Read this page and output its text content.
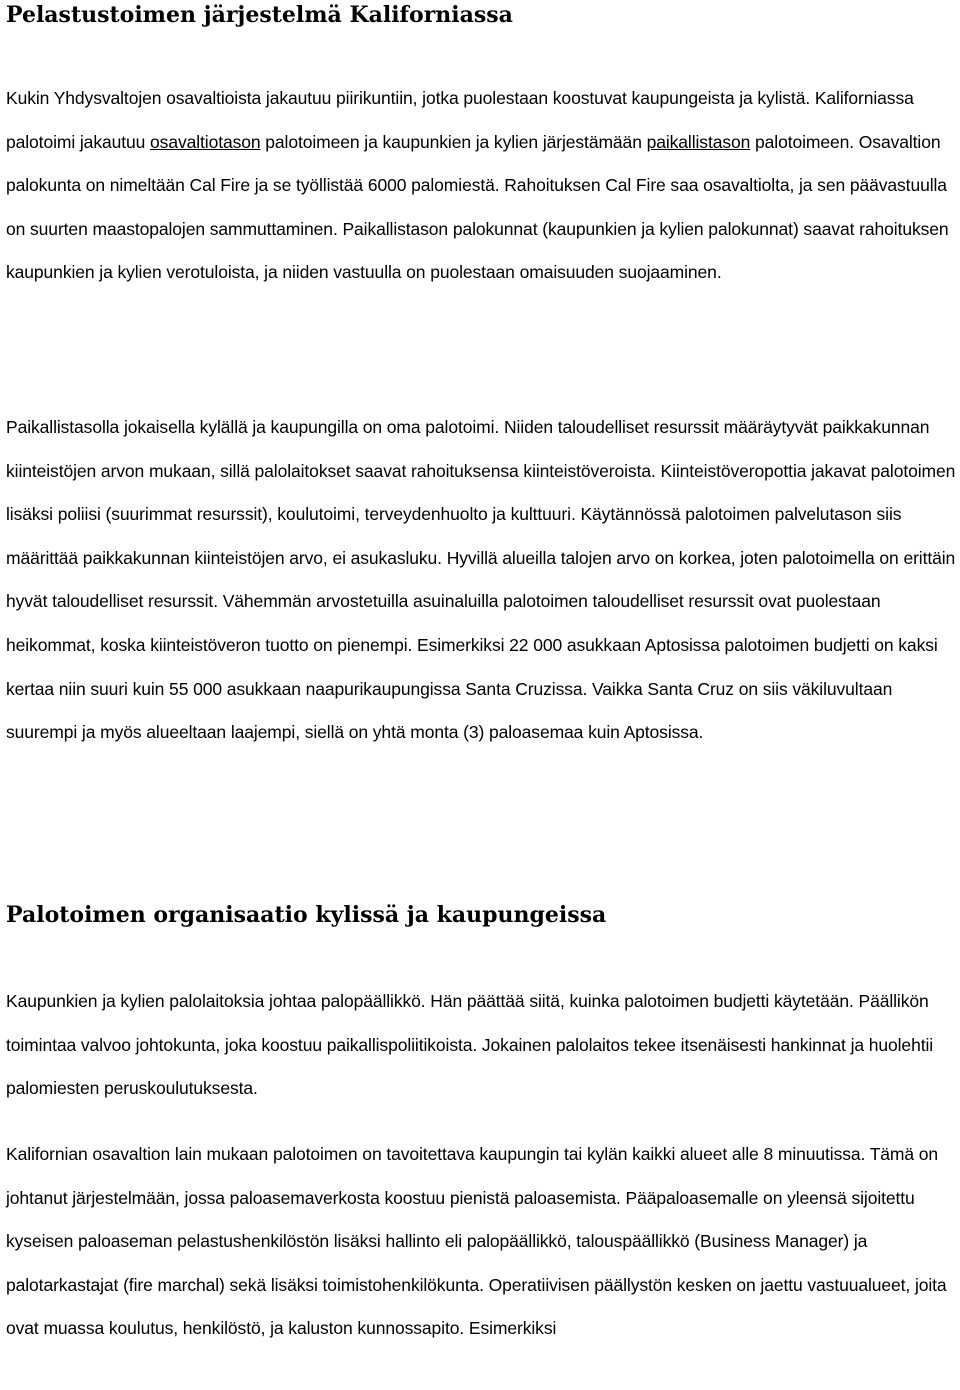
Pelastustoimen järjestelmä Kaliforniassa

Kukin Yhdysvaltojen osavaltioista jakautuu piirikuntiin, jotka puolestaan koostuvat kaupungeista ja kylistä. Kaliforniassa palotoimi jakautuu osavaltiotason palotoimeen ja kaupunkien ja kylien järjestämään paikallistason palotoimeen. Osavaltion palokunta on nimeltään Cal Fire ja se työllistää 6000 palomiestä. Rahoituksen Cal Fire saa osavaltiolta, ja sen päävastuulla on suurten maastopalojen sammuttaminen. Paikallistason palokunnat (kaupunkien ja kylien palokunnat) saavat rahoituksen kaupunkien ja kylien verotuloista, ja niiden vastuulla on puolestaan omaisuuden suojaaminen.

Paikallistasolla jokaisella kylällä ja kaupungilla on oma palotoimi. Niiden taloudelliset resurssit määräytyvät paikkakunnan kiinteistöjen arvon mukaan, sillä palolaitokset saavat rahoituksensa kiinteistöveroista. Kiinteistöveropottia jakavat palotoimen lisäksi poliisi (suurimmat resurssit), koulutoimi, terveydenhuolto ja kulttuuri. Käytännössä palotoimen palvelutason siis määrittää paikkakunnan kiinteistöjen arvo, ei asukasluku. Hyvillä alueilla talojen arvo on korkea, joten palotoimella on erittäin hyvät taloudelliset resurssit. Vähemmän arvostetuilla asuinaluilla palotoimen taloudelliset resurssit ovat puolestaan heikommat, koska kiinteistöveron tuotto on pienempi. Esimerkiksi 22 000 asukkaan Aptosissa palotoimen budjetti on kaksi kertaa niin suuri kuin 55 000 asukkaan naapurikaupungissa Santa Cruzissa. Vaikka Santa Cruz on siis väkiluvultaan suurempi ja myös alueeltaan laajempi, siellä on yhtä monta (3) paloasemaa kuin Aptosissa.

Palotoimen organisaatio kylissä ja kaupungeissa

Kaupunkien ja kylien palolaitoksia johtaa palopäällikkö. Hän päättää siitä, kuinka palotoimen budjetti käytetään. Päällikön toimintaa valvoo johtokunta, joka koostuu paikallispoliitikoista. Jokainen palolaitos tekee itsenäisesti hankinnat ja huolehtii palomiesten peruskoulutuksesta.

Kalifornian osavaltion lain mukaan palotoimen on tavoitettava kaupungin tai kylän kaikki alueet alle 8 minuutissa. Tämä on johtanut järjestelmään, jossa paloasemaverkosta koostuu pienistä paloasemista. Pääpaloasemalle on yleensä sijoitettu kyseisen paloaseman pelastushenkilöstön lisäksi hallinto eli palopäällikkö, talouspäällikkö (Business Manager) ja palotarkastajat (fire marchal) sekä lisäksi toimistohenkilökunta. Operatiivisen päällystön kesken on jaettu vastuualueet, joita ovat muassa koulutus, henkilöstö, ja kaluston kunnossapito. Esimerkiksi
